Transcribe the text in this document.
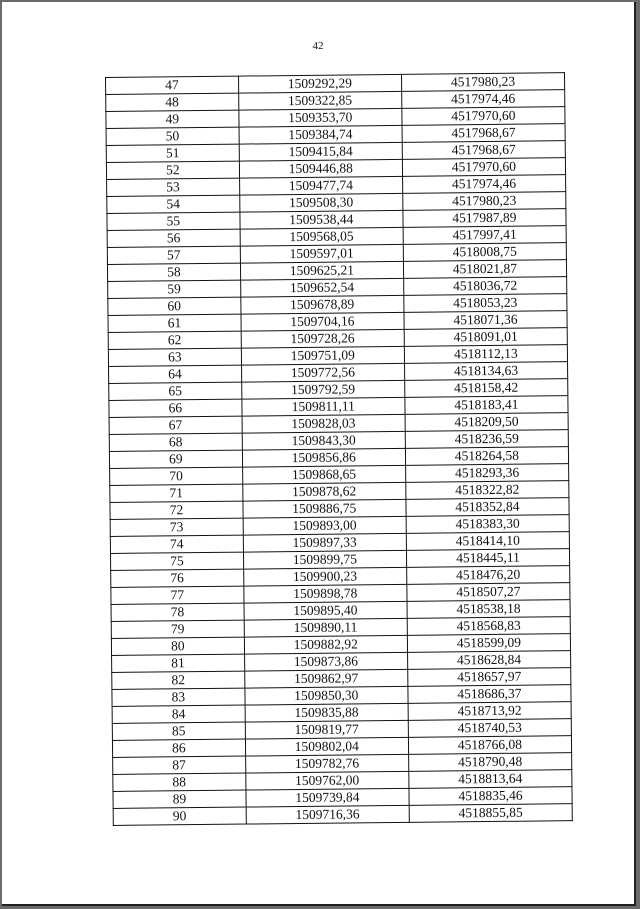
42
47	1509292,29	4517980,23
48	1509322,85	4517974,46
49	1509353,70	4517970,60
50	1509384,74	4517968,67
51	1509415,84	4517968,67
52	1509446,88	4517970,60
53	1509477,74	4517974,46
54	1509508,30	4517980,23
55	1509538,44	4517987,89
56	1509568,05	4517997,41
57	1509597,01	4518008,75
58	1509625,21	4518021,87
59	1509652,54	4518036,72
60	1509678,89	4518053,23
61	1509704,16	4518071,36
62	1509728,26	4518091,01
63	1509751,09	4518112,13
64	1509772,56	4518134,63
65	1509792,59	4518158,42
66	1509811,11	4518183,41
67	1509828,03	4518209,50
68	1509843,30	4518236,59
69	1509856,86	4518264,58
70	1509868,65	4518293,36
71	1509878,62	4518322,82
72	1509886,75	4518352,84
73	1509893,00	4518383,30
74	1509897,33	4518414,10
75	1509899,75	4518445,11
76	1509900,23	4518476,20
77	1509898,78	4518507,27
78	1509895,40	4518538,18
79	1509890,11	4518568,83
80	1509882,92	4518599,09
81	1509873,86	4518628,84
82	1509862,97	4518657,97
83	1509850,30	4518686,37
84	1509835,88	4518713,92
85	1509819,77	4518740,53
86	1509802,04	4518766,08
87	1509782,76	4518790,48
88	1509762,00	4518813,64
89	1509739,84	4518835,46
90	1509716,36	4518855,85
